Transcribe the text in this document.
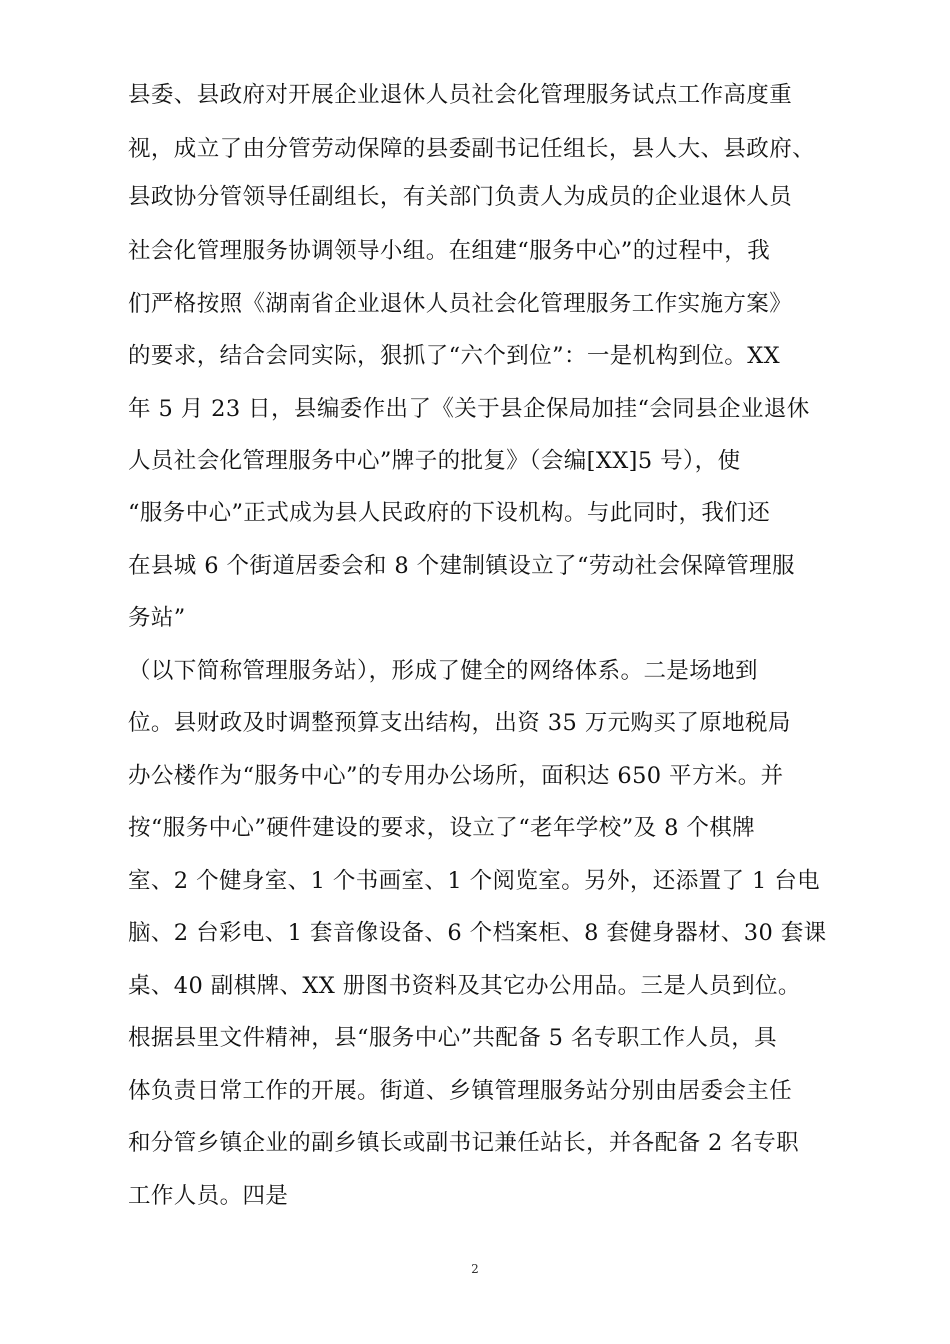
县委、县政府对开展企业退休人员社会化管理服务试点工作高度重
视，成立了由分管劳动保障的县委副书记任组长，县人大、县政府、
县政协分管领导任副组长，有关部门负责人为成员的企业退休人员
社会化管理服务协调领导小组。在组建“服务中心”的过程中，我
们严格按照《湖南省企业退休人员社会化管理服务工作实施方案》
的要求，结合会同实际，狠抓了“六个到位”：一是机构到位。XX
年 5 月 23 日，县编委作出了《关于县企保局加挂“会同县企业退休
人员社会化管理服务中心”牌子的批复》（会编[XX]5 号），使
“服务中心”正式成为县人民政府的下设机构。与此同时，我们还
在县城 6 个街道居委会和 8 个建制镇设立了“劳动社会保障管理服
务站”
（以下简称管理服务站），形成了健全的网络体系。二是场地到
位。县财政及时调整预算支出结构，出资 35 万元购买了原地税局
办公楼作为“服务中心”的专用办公场所，面积达 650 平方米。并
按“服务中心”硬件建设的要求，设立了“老年学校”及 8 个棋牌
室、2 个健身室、1 个书画室、1 个阅览室。另外，还添置了 1 台电
脑、2 台彩电、1 套音像设备、6 个档案柜、8 套健身器材、30 套课
桌、40 副棋牌、XX 册图书资料及其它办公用品。三是人员到位。
根据县里文件精神，县“服务中心”共配备 5 名专职工作人员，具
体负责日常工作的开展。街道、乡镇管理服务站分别由居委会主任
和分管乡镇企业的副乡镇长或副书记兼任站长，并各配备 2 名专职
工作人员。四是
2
